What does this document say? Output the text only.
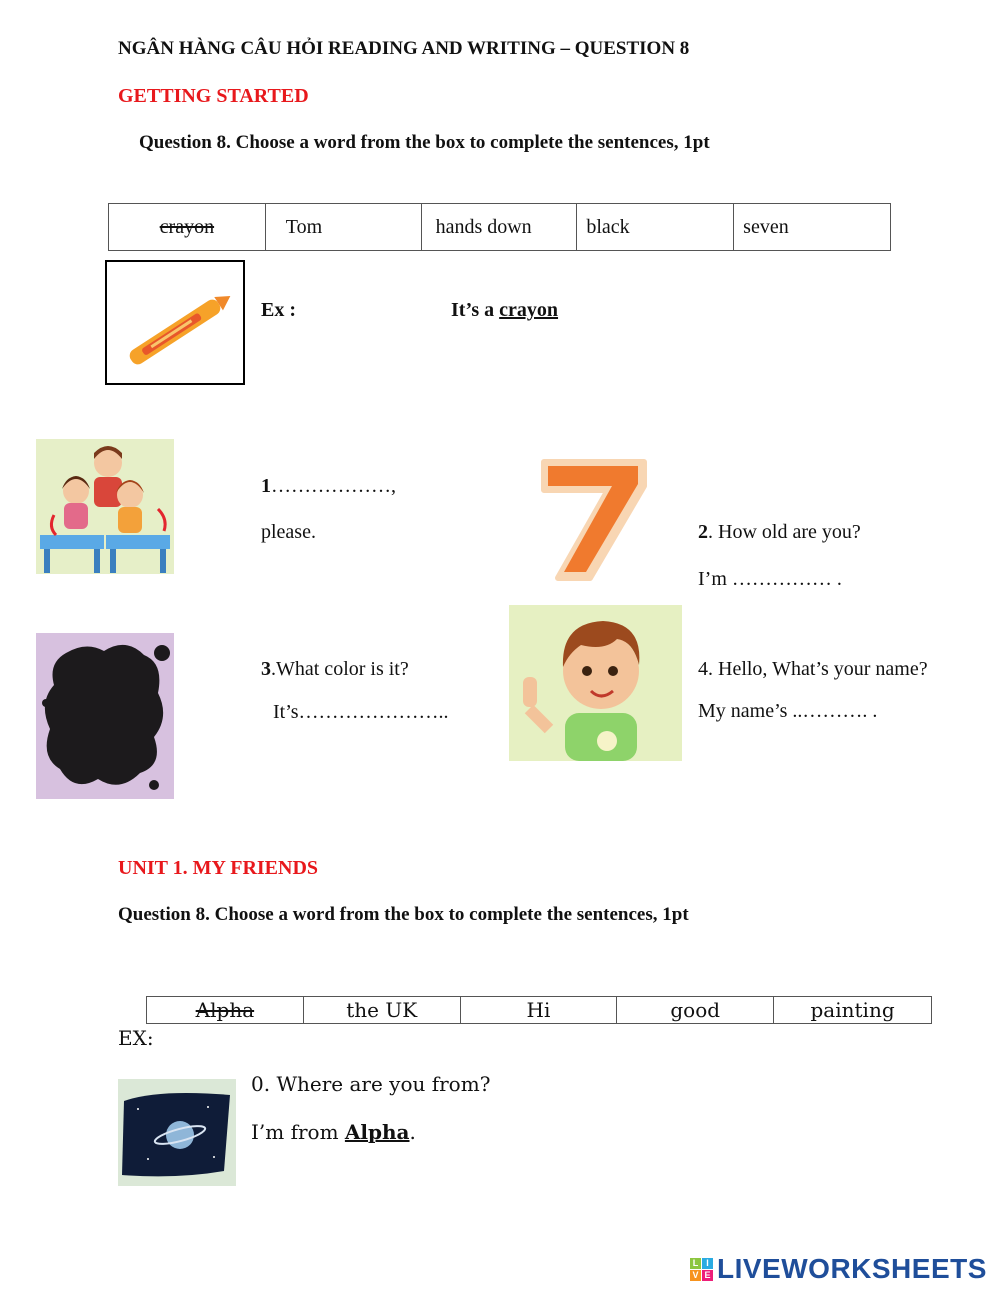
NGÂN HÀNG CÂU HỎI READING AND WRITING – QUESTION 8
GETTING STARTED
Question 8. Choose a word from the box to complete the sentences, 1pt
crayon	Tom	hands down	black	seven
Ex :	It’s a crayon
1………………,
please.	2. How old are you?
I’m …………… .
3.What color is it?
It’s…………………..
4. Hello, What’s your name?
My name’s ..………. .
UNIT 1. MY FRIENDS
Question 8. Choose a word from the box to complete the sentences, 1pt
Alpha	the UK	Hi	good	painting
EX:
0. Where are you from?
I’m from Alpha.
L I
V E LIVEWORKSHEETS
